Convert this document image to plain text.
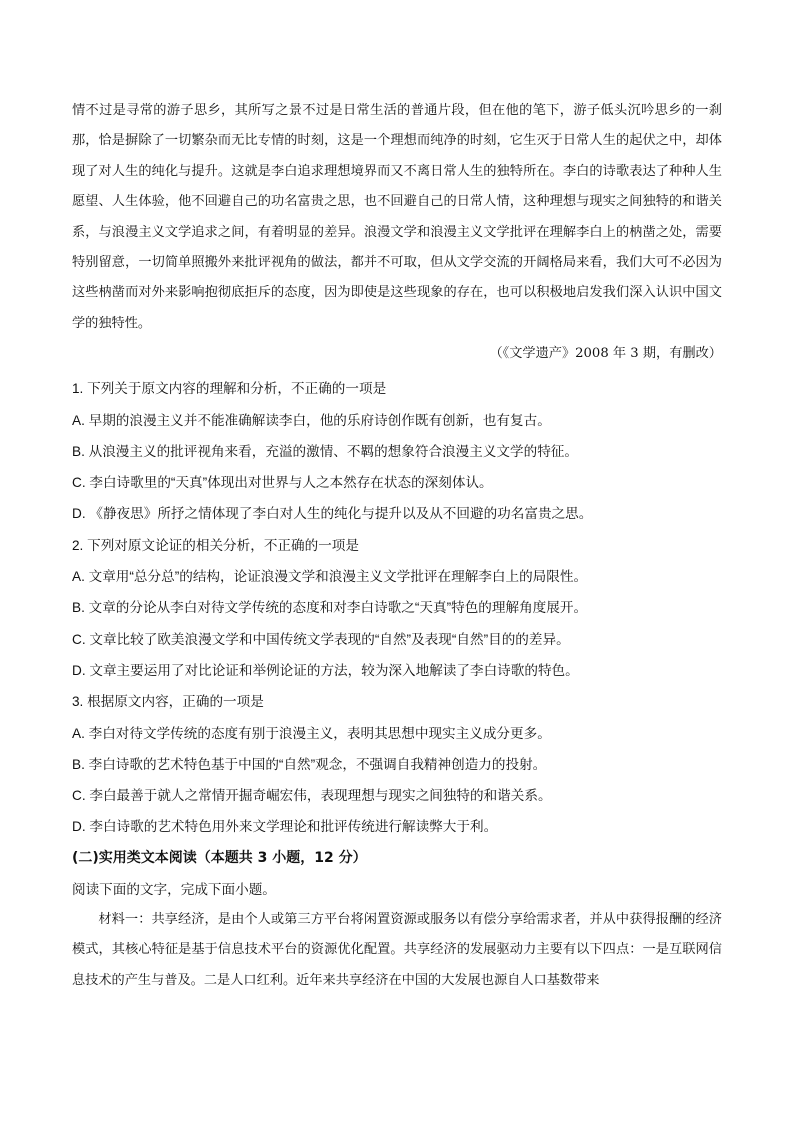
情不过是寻常的游子思乡，其所写之景不过是日常生活的普通片段，但在他的笔下，游子低头沉吟思乡的一刹那，恰是摒除了一切繁杂而无比专情的时刻，这是一个理想而纯净的时刻，它生灭于日常人生的起伏之中，却体现了对人生的纯化与提升。这就是李白追求理想境界而又不离日常人生的独特所在。李白的诗歌表达了种种人生愿望、人生体验，他不回避自己的功名富贵之思，也不回避自己的日常人情，这种理想与现实之间独特的和谐关系，与浪漫主义文学追求之间，有着明显的差异。浪漫文学和浪漫主义文学批评在理解李白上的枘凿之处，需要特别留意，一切简单照搬外来批评视角的做法，都并不可取，但从文学交流的开阔格局来看，我们大可不必因为这些枘凿而对外来影响抱彻底拒斥的态度，因为即使是这些现象的存在，也可以积极地启发我们深入认识中国文学的独特性。

（《文学遗产》2008 年 3 期，有删改）

1. 下列关于原文内容的理解和分析，不正确的一项是

A. 早期的浪漫主义并不能准确解读李白，他的乐府诗创作既有创新，也有复古。

B. 从浪漫主义的批评视角来看，充溢的激情、不羁的想象符合浪漫主义文学的特征。

C. 李白诗歌里的“天真”体现出对世界与人之本然存在状态的深刻体认。

D. 《静夜思》所抒之情体现了李白对人生的纯化与提升以及从不回避的功名富贵之思。

2. 下列对原文论证的相关分析，不正确的一项是

A. 文章用“总分总”的结构，论证浪漫文学和浪漫主义文学批评在理解李白上的局限性。

B. 文章的分论从李白对待文学传统的态度和对李白诗歌之“天真”特色的理解角度展开。

C. 文章比较了欧美浪漫文学和中国传统文学表现的“自然”及表现“自然”目的的差异。

D. 文章主要运用了对比论证和举例论证的方法，较为深入地解读了李白诗歌的特色。

3. 根据原文内容，正确的一项是

A. 李白对待文学传统的态度有别于浪漫主义，表明其思想中现实主义成分更多。

B. 李白诗歌的艺术特色基于中国的“自然”观念，不强调自我精神创造力的投射。

C. 李白最善于就人之常情开掘奇崛宏伟，表现理想与现实之间独特的和谐关系。

D. 李白诗歌的艺术特色用外来文学理论和批评传统进行解读弊大于利。

(二)实用类文本阅读（本题共 3 小题，12 分）

阅读下面的文字，完成下面小题。

材料一：共享经济，是由个人或第三方平台将闲置资源或服务以有偿分享给需求者，并从中获得报酬的经济模式，其核心特征是基于信息技术平台的资源优化配置。共享经济的发展驱动力主要有以下四点：一是互联网信息技术的产生与普及。二是人口红利。近年来共享经济在中国的大发展也源自人口基数带来
